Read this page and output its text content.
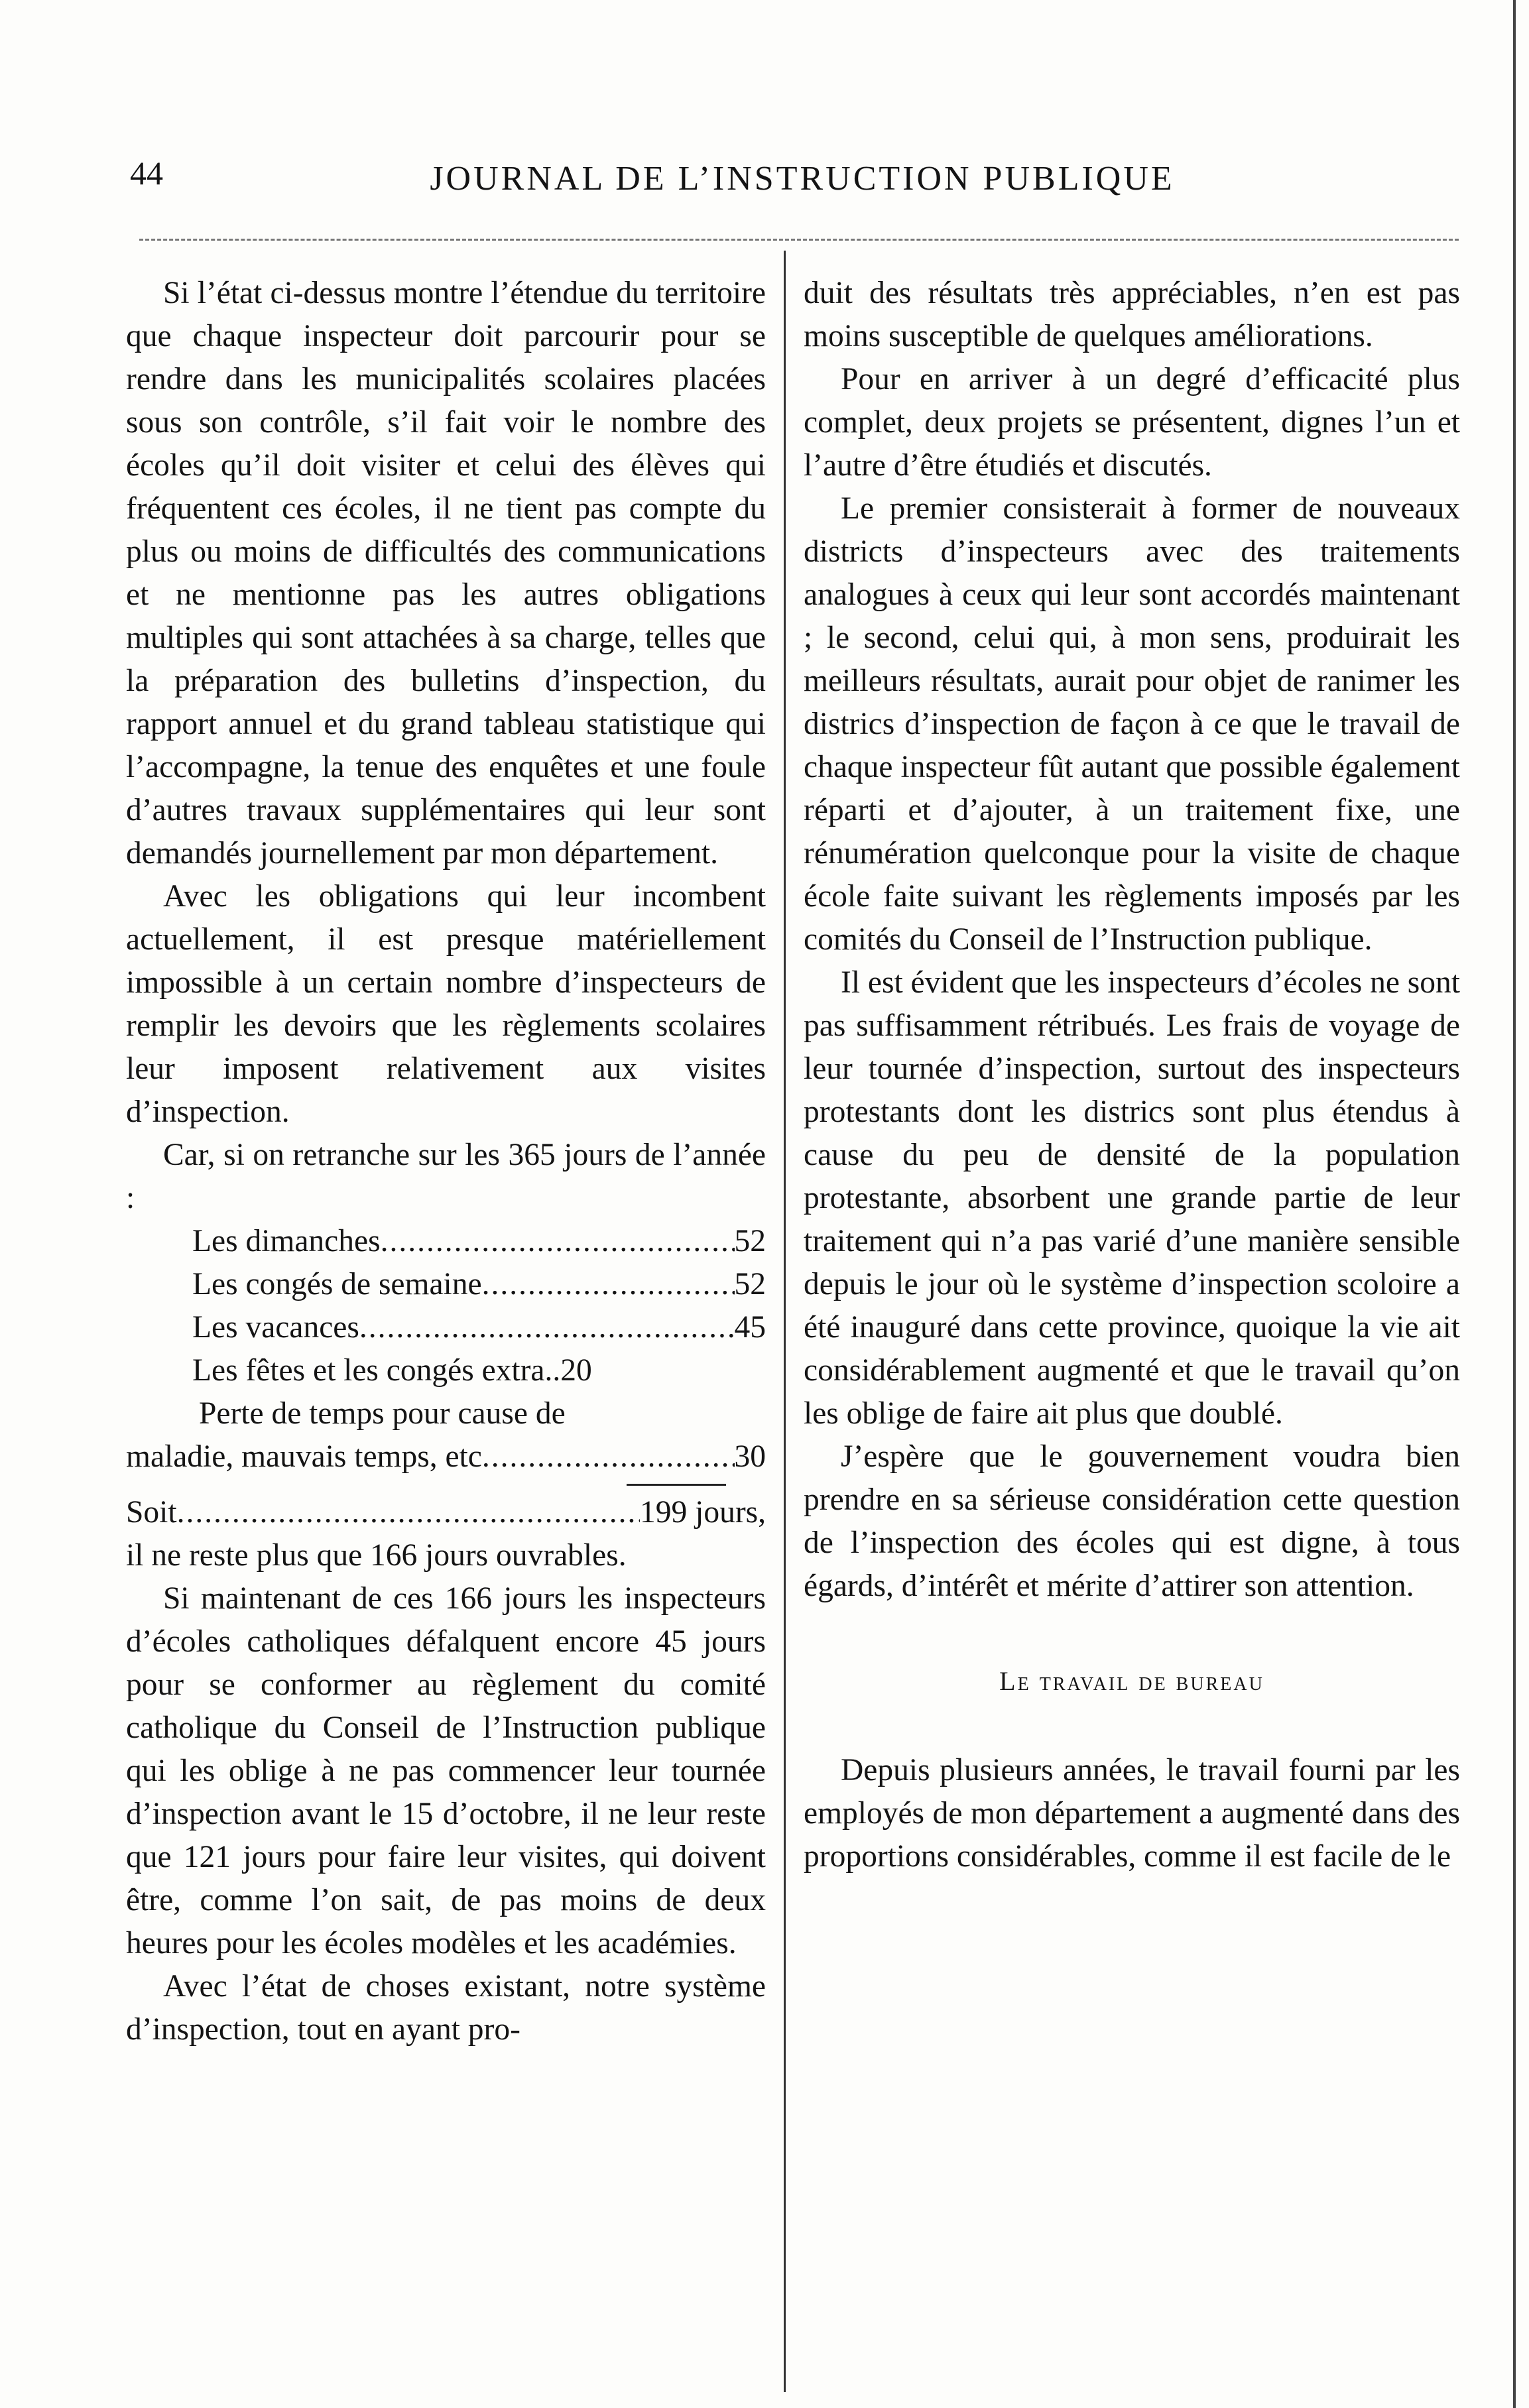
44	JOURNAL DE L’INSTRUCTION PUBLIQUE

Si l’état ci-dessus montre l’étendue du territoire que chaque inspecteur doit parcourir pour se rendre dans les municipalités scolaires placées sous son contrôle, s’il fait voir le nombre des écoles qu’il doit visiter et celui des élèves qui fréquentent ces écoles, il ne tient pas compte du plus ou moins de difficultés des communications et ne mentionne pas les autres obligations multiples qui sont attachées à sa charge, telles que la préparation des bulletins d’inspection, du rapport annuel et du grand tableau statistique qui l’accompagne, la tenue des enquêtes et une foule d’autres travaux supplémentaires qui leur sont demandés journellement par mon département.

Avec les obligations qui leur incombent actuellement, il est presque matériellement impossible à un certain nombre d’inspecteurs de remplir les devoirs que les règlements scolaires leur imposent relativement aux visites d’inspection.

Car, si on retranche sur les 365 jours de l’année :

Les dimanches .....	52
Les congés de semaine .....	52
Les vacances .....	45
Les fêtes et les congés extra.. 20
Perte de temps pour cause de
maladie, mauvais temps, etc .....	30
Soit .....	199 jours,

il ne reste plus que 166 jours ouvrables.

Si maintenant de ces 166 jours les inspecteurs d’écoles catholiques défalquent encore 45 jours pour se conformer au règlement du comité catholique du Conseil de l’Instruction publique qui les oblige à ne pas commencer leur tournée d’inspection avant le 15 d’octobre, il ne leur reste que 121 jours pour faire leur visites, qui doivent être, comme l’on sait, de pas moins de deux heures pour les écoles modèles et les académies.

Avec l’état de choses existant, notre système d’inspection, tout en ayant pro-

duit des résultats très appréciables, n’en est pas moins susceptible de quelques améliorations.

Pour en arriver à un degré d’efficacité plus complet, deux projets se présentent, dignes l’un et l’autre d’être étudiés et discutés.

Le premier consisterait à former de nouveaux districts d’inspecteurs avec des traitements analogues à ceux qui leur sont accordés maintenant ; le second, celui qui, à mon sens, produirait les meilleurs résultats, aurait pour objet de ranimer les districs d’inspection de façon à ce que le travail de chaque inspecteur fût autant que possible également réparti et d’ajouter, à un traitement fixe, une rénumération quelconque pour la visite de chaque école faite suivant les règlements imposés par les comités du Conseil de l’Instruction publique.

Il est évident que les inspecteurs d’écoles ne sont pas suffisamment rétribués. Les frais de voyage de leur tournée d’inspection, surtout des inspecteurs protestants dont les districs sont plus étendus à cause du peu de densité de la population protestante, absorbent une grande partie de leur traitement qui n’a pas varié d’une manière sensible depuis le jour où le système d’inspection scoloire a été inauguré dans cette province, quoique la vie ait considérablement augmenté et que le travail qu’on les oblige de faire ait plus que doublé.

J’espère que le gouvernement voudra bien prendre en sa sérieuse considération cette question de l’inspection des écoles qui est digne, à tous égards, d’intérêt et mérite d’attirer son attention.

Le travail de bureau

Depuis plusieurs années, le travail fourni par les employés de mon département a augmenté dans des proportions considérables, comme il est facile de le
